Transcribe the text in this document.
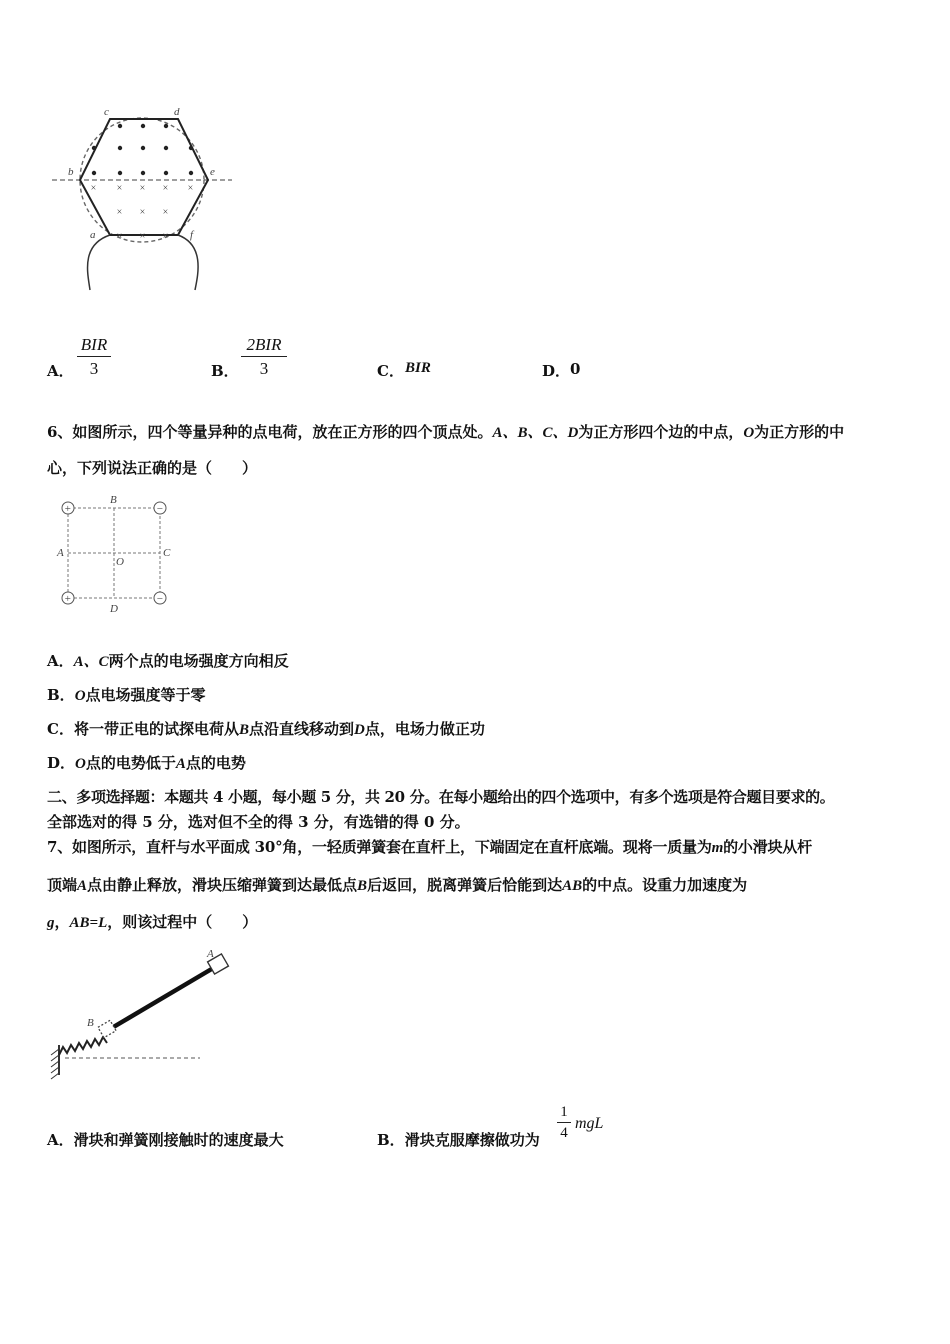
× × × × ×
× × ×
× × ×
c	d
b	e
a	f
A．
BIR
3	B．
2BIR
3	C． BIR	D． 0
6、如图所示，四个等量异种的点电荷，放在正方形的四个顶点处。A、B、C、D为正方形四个边的中点，O为正方形的中
心，下列说法正确的是（　　）
+	−
+	−
B
A	C
O
D
A．A、C两个点的电场强度方向相反
B．O点电场强度等于零
C．将一带正电的试探电荷从B点沿直线移动到D点，电场力做正功
D．O点的电势低于A点的电势
二、多项选择题：本题共 4 小题，每小题 5 分，共 20 分。在每小题给出的四个选项中，有多个选项是符合题目要求的。
全部选对的得 5 分，选对但不全的得 3 分，有选错的得 0 分。
7、如图所示，直杆与水平面成 30°角，一轻质弹簧套在直杆上，下端固定在直杆底端。现将一质量为m的小滑块从杆
顶端A点由静止释放，滑块压缩弹簧到达最低点B后返回，脱离弹簧后恰能到达AB的中点。设重力加速度为
g，AB=L，则该过程中（　　）
A
B
A．滑块和弹簧刚接触时的速度最大	B．滑块克服摩擦做功为 $\frac{1}{4}$ mgL
